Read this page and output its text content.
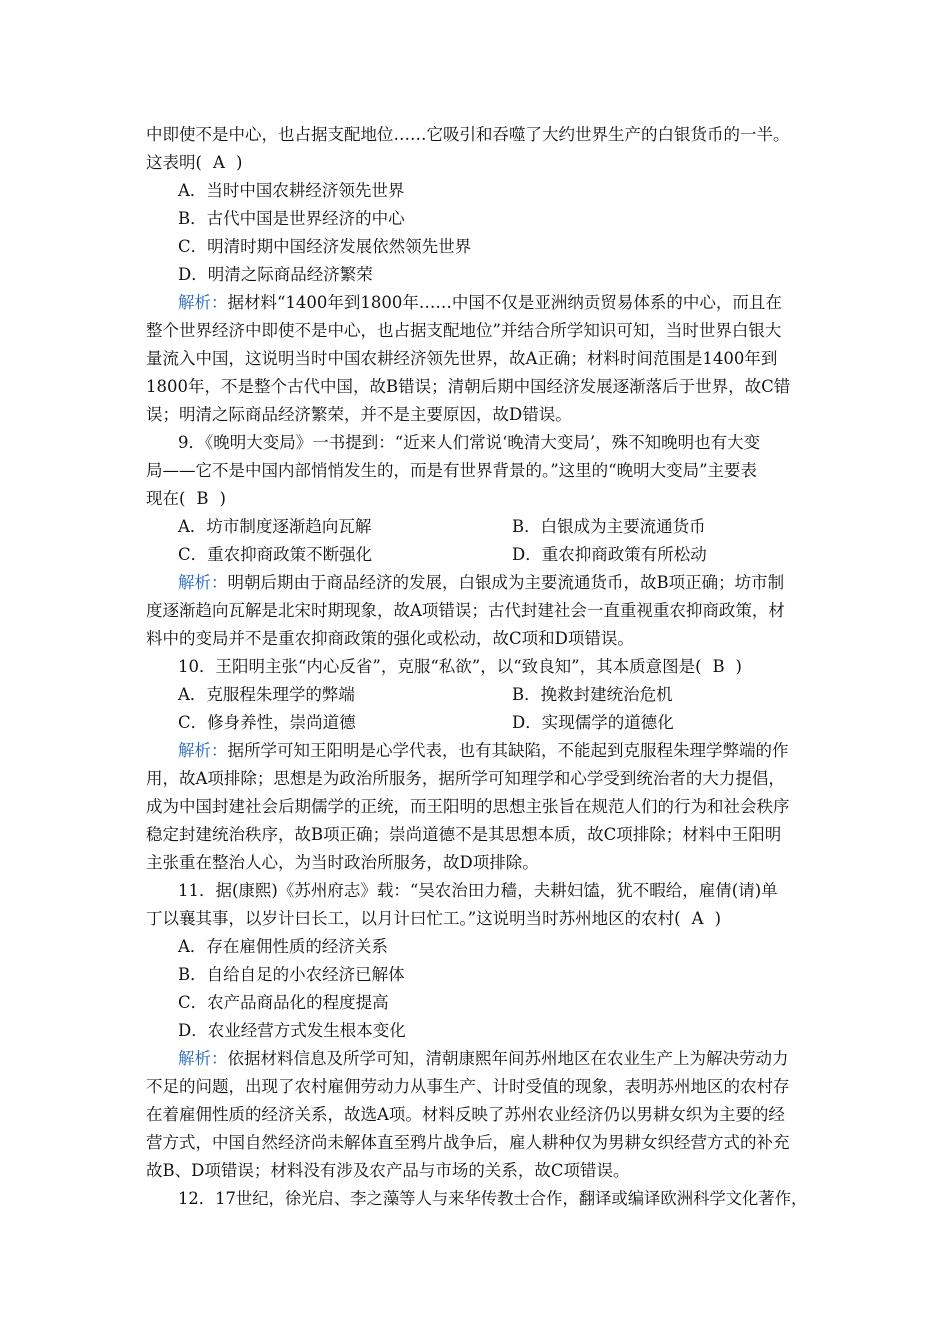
中即使不是中心，也占据支配地位……它吸引和吞噬了大约世界生产的白银货币的一半。
这表明( A )
A．当时中国农耕经济领先世界
B．古代中国是世界经济的中心
C．明清时期中国经济发展依然领先世界
D．明清之际商品经济繁荣
解析：据材料“1400年到1800年……中国不仅是亚洲纳贡贸易体系的中心，而且在
整个世界经济中即使不是中心，也占据支配地位”并结合所学知识可知，当时世界白银大
量流入中国，这说明当时中国农耕经济领先世界，故A正确；材料时间范围是1400年到
1800年，不是整个古代中国，故B错误；清朝后期中国经济发展逐渐落后于世界，故C错
误；明清之际商品经济繁荣，并不是主要原因，故D错误。
9．《晚明大变局》一书提到：“近来人们常说‘晚清大变局’，殊不知晚明也有大变
局——它不是中国内部悄悄发生的，而是有世界背景的。”这里的“晚明大变局”主要表
现在( B )
A．坊市制度逐渐趋向瓦解	B．白银成为主要流通货币
C．重农抑商政策不断强化	D．重农抑商政策有所松动
解析：明朝后期由于商品经济的发展，白银成为主要流通货币，故B项正确；坊市制
度逐渐趋向瓦解是北宋时期现象，故A项错误；古代封建社会一直重视重农抑商政策，材
料中的变局并不是重农抑商政策的强化或松动，故C项和D项错误。
10．王阳明主张“内心反省”，克服“私欲”，以“致良知”，其本质意图是( B )
A．克服程朱理学的弊端	B．挽救封建统治危机
C．修身养性，崇尚道德	D．实现儒学的道德化
解析：据所学可知王阳明是心学代表，也有其缺陷，不能起到克服程朱理学弊端的作
用，故A项排除；思想是为政治所服务，据所学可知理学和心学受到统治者的大力提倡，
成为中国封建社会后期儒学的正统，而王阳明的思想主张旨在规范人们的行为和社会秩序
稳定封建统治秩序，故B项正确；崇尚道德不是其思想本质，故C项排除；材料中王阳明
主张重在整治人心，为当时政治所服务，故D项排除。
11．据(康熙)《苏州府志》载：“吴农治田力穑，夫耕妇馌，犹不暇给，雇倩(请)单
丁以襄其事，以岁计曰长工，以月计曰忙工。”这说明当时苏州地区的农村( A )
A．存在雇佣性质的经济关系
B．自给自足的小农经济已解体
C．农产品商品化的程度提高
D．农业经营方式发生根本变化
解析：依据材料信息及所学可知，清朝康熙年间苏州地区在农业生产上为解决劳动力
不足的问题，出现了农村雇佣劳动力从事生产、计时受值的现象，表明苏州地区的农村存
在着雇佣性质的经济关系，故选A项。材料反映了苏州农业经济仍以男耕女织为主要的经
营方式，中国自然经济尚未解体直至鸦片战争后，雇人耕种仅为男耕女织经营方式的补充
故B、D项错误；材料没有涉及农产品与市场的关系，故C项错误。
12．17世纪，徐光启、李之藻等人与来华传教士合作，翻译或编译欧洲科学文化著作，
